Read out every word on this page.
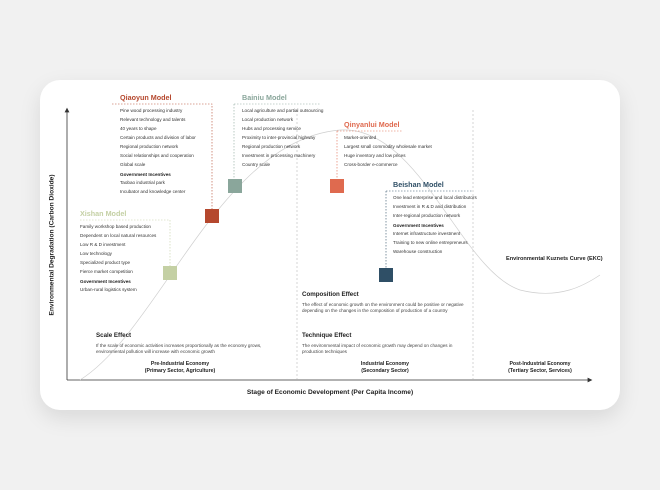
Environmental Degradation (Carbon Dioxide)
Stage of Economic Development (Per Capita Income)
Environmental Kuznets Curve (EKC)
Pre-Industrial Economy
(Primary Sector, Agriculture)
Industrial Economy
(Secondary Sector)
Post-Industrial Economy
(Tertiary Sector, Services)
Qiaoyun Model
Pine wood processing industry
Relevant technology and talents
40 years to shape
Certain products and division of labor
Regional production network
Social relationships and cooperation
Global scale
Government Incentives
Taobao industrial park
Incubator and knowledge center
Bainiu Model
Local agriculture and partial outsourcing
Local production network
Hubs and processing service
Proximity to inter-provincial highway
Regional production network
Investment in processing machinery
Country scale
Qinyanlui Model
Market-oriented
Largest small commodity wholesale market
Huge inventory and low prices
Cross-border e-commerce
Beishan Model
One lead enterprise and local distributors
Investment in R & D and distribution
Inter-regional production network
Government Incentives
Internet infrastructure investment
Training to new online entrepreneurs
Warehouse construction
Xishan Model
Family workshop based production
Dependent on local natural resources
Low R & D investment
Low technology
Specialized product type
Fierce market competition
Government Incentives
Urban-rural logistics system
Scale Effect
If the scale of economic activities increases proportionally as the economy grows, environmental pollution will increase with economic growth
Composition Effect
The effect of economic growth on the environment could be positive or negative depending on the changes in the composition of production of a country
Technique Effect
The environmental impact of economic growth may depend on changes in production techniques
